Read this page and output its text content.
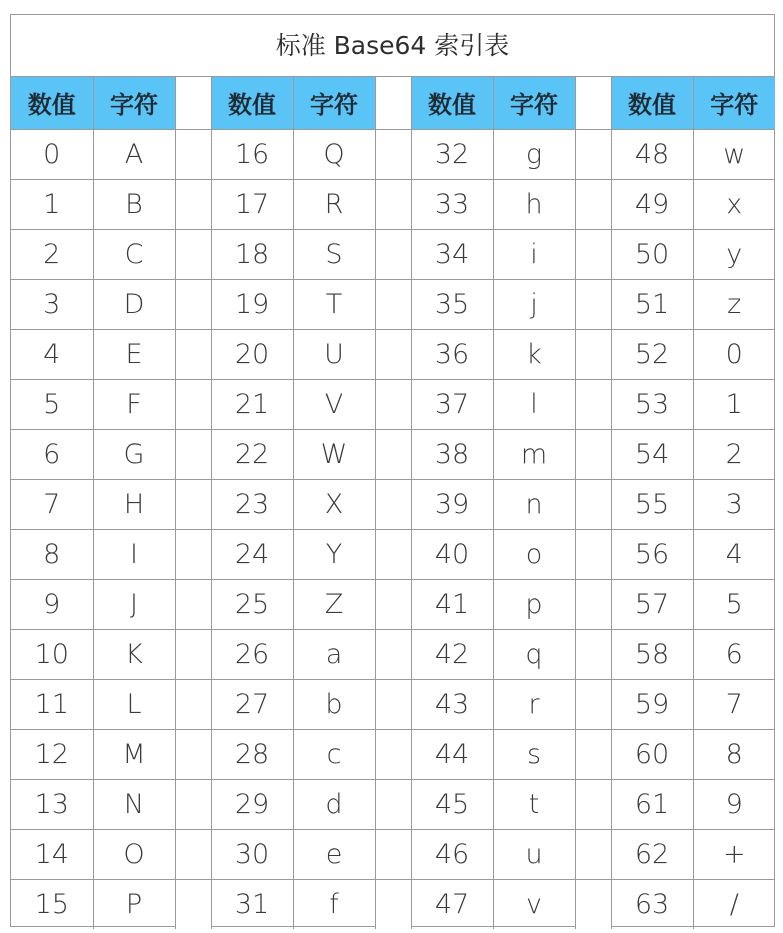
标准 Base64 索引表
数值	字符		数值	字符		数值	字符		数值	字符
0	A		16	Q		32	g		48	w
1	B		17	R		33	h		49	x
2	C		18	S		34	i		50	y
3	D		19	T		35	j		51	z
4	E		20	U		36	k		52	0
5	F		21	V		37	l		53	1
6	G		22	W		38	m		54	2
7	H		23	X		39	n		55	3
8	I		24	Y		40	o		56	4
9	J		25	Z		41	p		57	5
10	K		26	a		42	q		58	6
11	L		27	b		43	r		59	7
12	M		28	c		44	s		60	8
13	N		29	d		45	t		61	9
14	O		30	e		46	u		62	+
15	P		31	f		47	v		63	/
